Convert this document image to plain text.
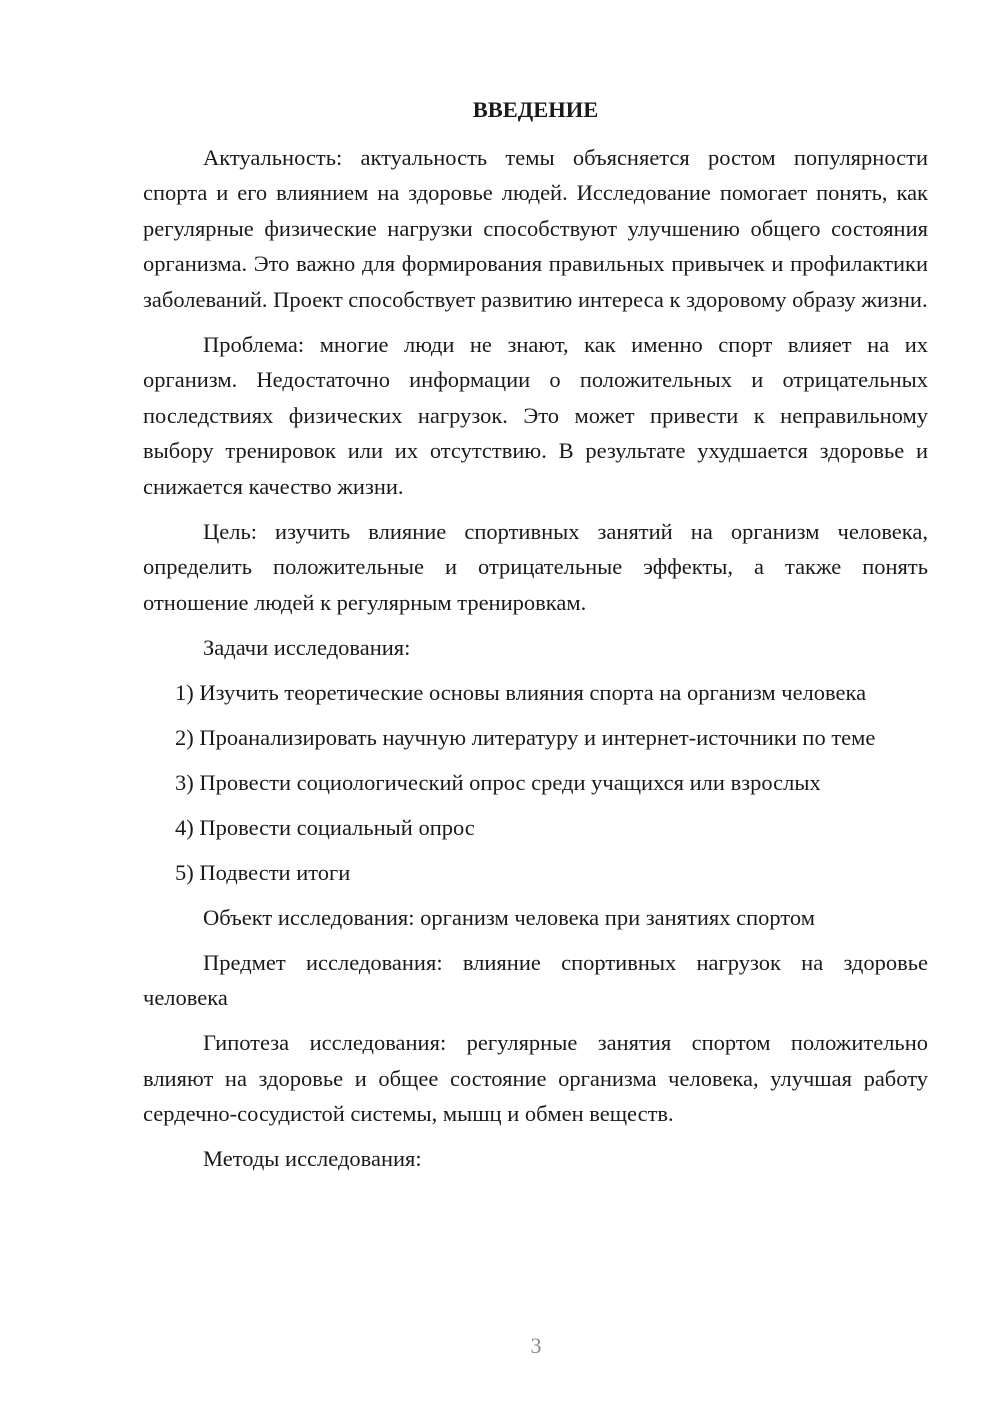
ВВЕДЕНИЕ

Актуальность: актуальность темы объясняется ростом популярности спорта и его влиянием на здоровье людей. Исследование помогает понять, как регулярные физические нагрузки способствуют улучшению общего состояния организма. Это важно для формирования правильных привычек и профилактики заболеваний. Проект способствует развитию интереса к здоровому образу жизни.

Проблема: многие люди не знают, как именно спорт влияет на их организм. Недостаточно информации о положительных и отрицательных последствиях физических нагрузок. Это может привести к неправильному выбору тренировок или их отсутствию. В результате ухудшается здоровье и снижается качество жизни.

Цель: изучить влияние спортивных занятий на организм человека, определить положительные и отрицательные эффекты, а также понять отношение людей к регулярным тренировкам.

Задачи исследования:

1) Изучить теоретические основы влияния спорта на организм человека

2) Проанализировать научную литературу и интернет-источники по теме

3) Провести социологический опрос среди учащихся или взрослых

4) Провести социальный опрос

5) Подвести итоги

Объект исследования: организм человека при занятиях спортом

Предмет исследования: влияние спортивных нагрузок на здоровье человека

Гипотеза исследования: регулярные занятия спортом положительно влияют на здоровье и общее состояние организма человека, улучшая работу сердечно-сосудистой системы, мышц и обмен веществ.

Методы исследования:

3
